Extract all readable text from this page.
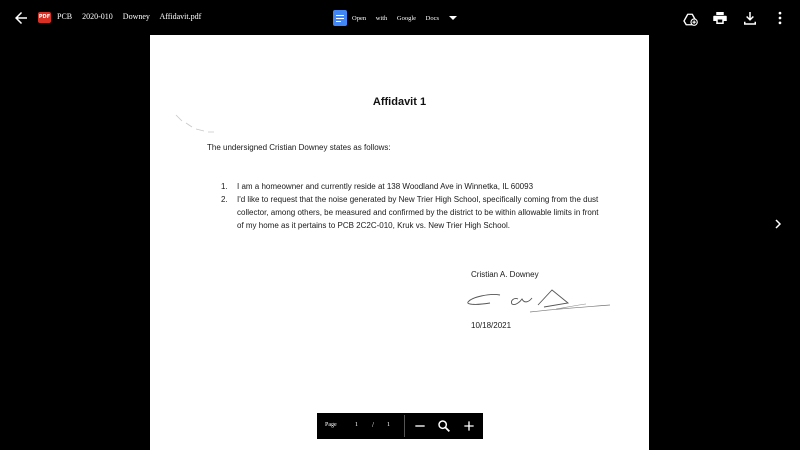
PDF PCB 2020-010 Downey Affidavit.pdf	Open with Google Docs
Affidavit 1
The undersigned Cristian Downey states as follows:
1.	I am a homeowner and currently reside at 138 Woodland Ave in Winnetka, IL 60093
2.	I'd like to request that the noise generated by New Trier High School, specifically coming from the dust collector, among others, be measured and confirmed by the district to be within allowable limits in front of my home as it pertains to PCB 2C2C-010, Kruk vs. New Trier High School.
Cristian A. Downey
10/18/2021
Page	1 / 1
